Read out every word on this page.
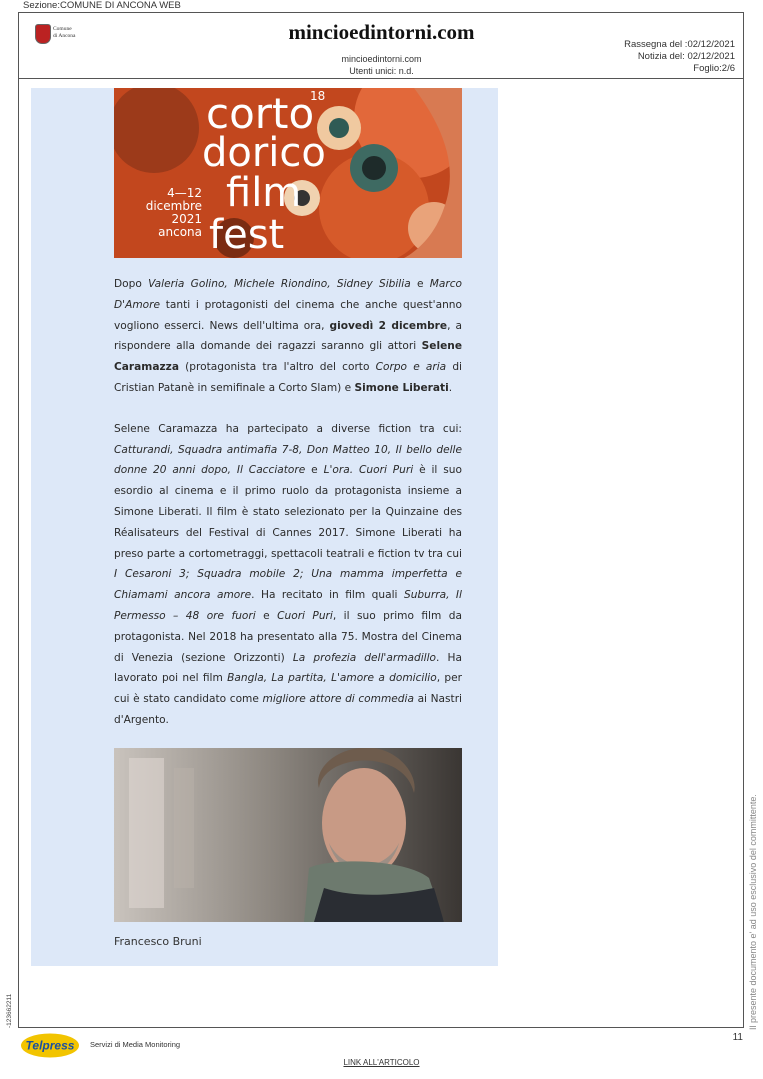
Sezione:COMUNE DI ANCONA WEB
Comune
di Ancona	mincioedintorni.com
mincioedintorni.com
Utenti unici: n.d.
Rassegna del :02/12/2021
Notizia del: 02/12/2021
Foglio:2/6
corto
18
dorico
film
fest
4—12
dicembre
2021
ancona

Dopo Valeria Golino, Michele Riondino, Sidney Sibilia e Marco D'Amore tanti i protagonisti del cinema che anche quest'anno vogliono esserci. News dell'ultima ora, giovedì 2 dicembre, a rispondere alla domande dei ragazzi saranno gli attori Selene Caramazza (protagonista tra l'altro del corto Corpo e aria di Cristian Patanè in semifinale a Corto Slam) e Simone Liberati.

Selene Caramazza ha partecipato a diverse fiction tra cui: Catturandi, Squadra antimafia 7-8, Don Matteo 10, Il bello delle donne 20 anni dopo, Il Cacciatore e L'ora. Cuori Puri è il suo esordio al cinema e il primo ruolo da protagonista insieme a Simone Liberati. Il film è stato selezionato per la Quinzaine des Réalisateurs del Festival di Cannes 2017. Simone Liberati ha preso parte a cortometraggi, spettacoli teatrali e fiction tv tra cui I Cesaroni 3; Squadra mobile 2; Una mamma imperfetta e Chiamami ancora amore. Ha recitato in film quali Suburra, Il Permesso – 48 ore fuori e Cuori Puri, il suo primo film da protagonista. Nel 2018 ha presentato alla 75. Mostra del Cinema di Venezia (sezione Orizzonti) La profezia dell'armadillo. Ha lavorato poi nel film Bangla, La partita, L'amore a domicilio, per cui è stato candidato come migliore attore di commedia ai Nastri d'Argento.

Francesco Bruni	Il presente documento e' ad uso esclusivo del committente.
-123662211
11
Telpress Servizi di Media Monitoring
LINK ALL'ARTICOLO
